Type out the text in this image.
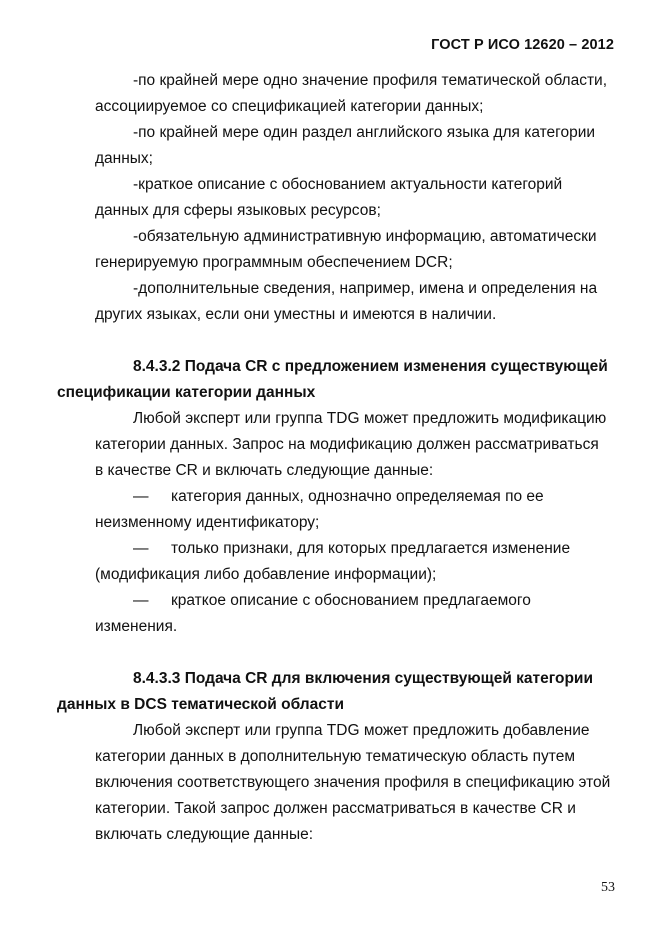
ГОСТ Р ИСО 12620 – 2012

-по крайней мере одно значение профиля тематической области,
ассоциируемое со спецификацией категории данных;

-по крайней мере один раздел английского языка для категории
данных;

-краткое описание с обоснованием актуальности категорий
данных для сферы языковых ресурсов;

-обязательную административную информацию, автоматически
генерируемую программным обеспечением DCR;

-дополнительные сведения, например, имена и определения на
других языках, если они уместны и имеются в наличии.

8.4.3.2 Подача CR с предложением изменения существующей
спецификации категории данных

Любой эксперт или группа TDG может предложить модификацию
категории данных. Запрос на модификацию должен рассматриваться
в качестве CR и включать следующие данные:

— категория данных, однозначно определяемая по ее
неизменному идентификатору;

— только признаки, для которых предлагается изменение
(модификация либо добавление информации);

— краткое описание с обоснованием предлагаемого
изменения.

8.4.3.3 Подача CR для включения существующей категории
данных в DCS тематической области

Любой эксперт или группа TDG может предложить добавление
категории данных в дополнительную тематическую область путем
включения соответствующего значения профиля в спецификацию этой
категории. Такой запрос должен рассматриваться в качестве CR и
включать следующие данные:

53
